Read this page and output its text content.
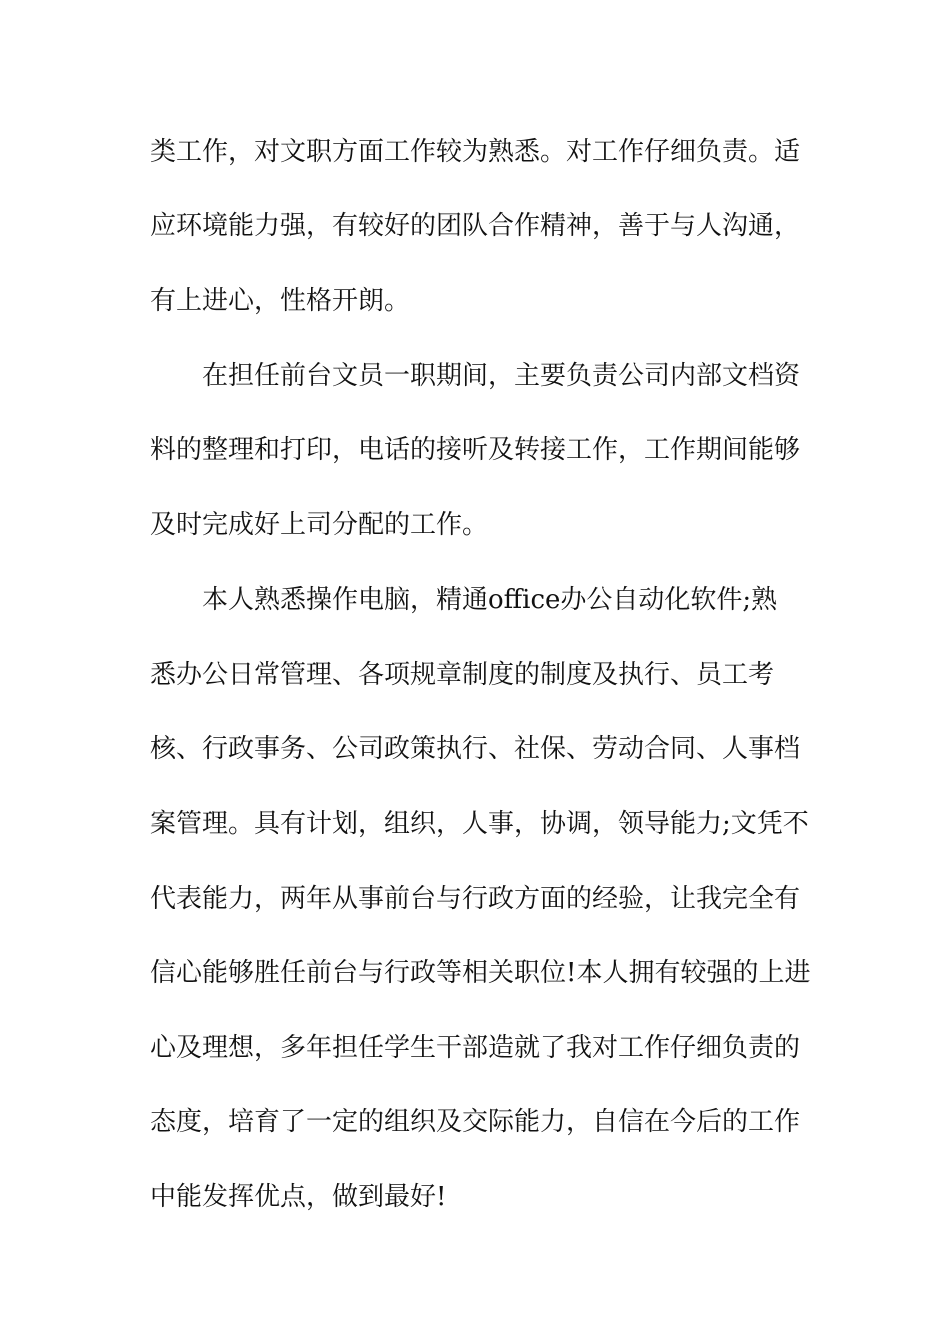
类工作，对文职方面工作较为熟悉。对工作仔细负责。适
应环境能力强，有较好的团队合作精神，善于与人沟通，
有上进心，性格开朗。
在担任前台文员一职期间，主要负责公司内部文档资
料的整理和打印，电话的接听及转接工作，工作期间能够
及时完成好上司分配的工作。
本人熟悉操作电脑，精通office办公自动化软件;熟
悉办公日常管理、各项规章制度的制度及执行、员工考
核、行政事务、公司政策执行、社保、劳动合同、人事档
案管理。具有计划，组织，人事，协调，领导能力;文凭不
代表能力，两年从事前台与行政方面的经验，让我完全有
信心能够胜任前台与行政等相关职位!本人拥有较强的上进
心及理想，多年担任学生干部造就了我对工作仔细负责的
态度，培育了一定的组织及交际能力，自信在今后的工作
中能发挥优点，做到最好!
